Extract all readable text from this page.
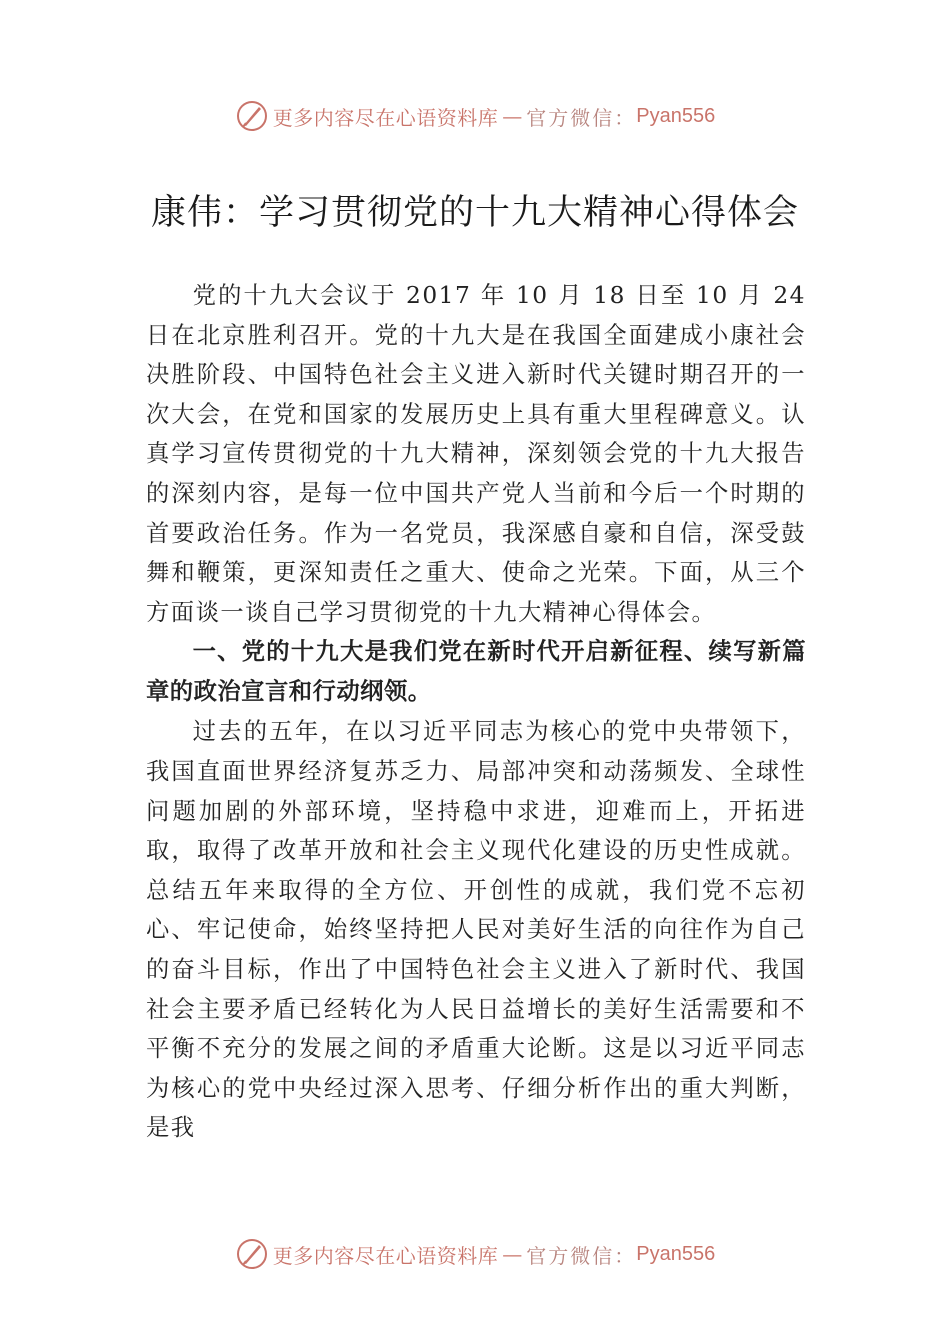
更多内容尽在心语资料库 — 官方微信： Pyan556
康伟：学习贯彻党的十九大精神心得体会

党的十九大会议于 2017 年 10 月 18 日至 10 月 24 日在北京胜利召开。党的十九大是在我国全面建成小康社会决胜阶段、中国特色社会主义进入新时代关键时期召开的一次大会，在党和国家的发展历史上具有重大里程碑意义。认真学习宣传贯彻党的十九大精神，深刻领会党的十九大报告的深刻内容，是每一位中国共产党人当前和今后一个时期的首要政治任务。作为一名党员，我深感自豪和自信，深受鼓舞和鞭策，更深知责任之重大、使命之光荣。下面，从三个方面谈一谈自己学习贯彻党的十九大精神心得体会。

一、党的十九大是我们党在新时代开启新征程、续写新篇章的政治宣言和行动纲领。

过去的五年，在以习近平同志为核心的党中央带领下，我国直面世界经济复苏乏力、局部冲突和动荡频发、全球性问题加剧的外部环境，坚持稳中求进，迎难而上，开拓进取，取得了改革开放和社会主义现代化建设的历史性成就。总结五年来取得的全方位、开创性的成就，我们党不忘初心、牢记使命，始终坚持把人民对美好生活的向往作为自己的奋斗目标，作出了中国特色社会主义进入了新时代、我国社会主要矛盾已经转化为人民日益增长的美好生活需要和不平衡不充分的发展之间的矛盾重大论断。这是以习近平同志为核心的党中央经过深入思考、仔细分析作出的重大判断，是我

更多内容尽在心语资料库 — 官方微信： Pyan556
